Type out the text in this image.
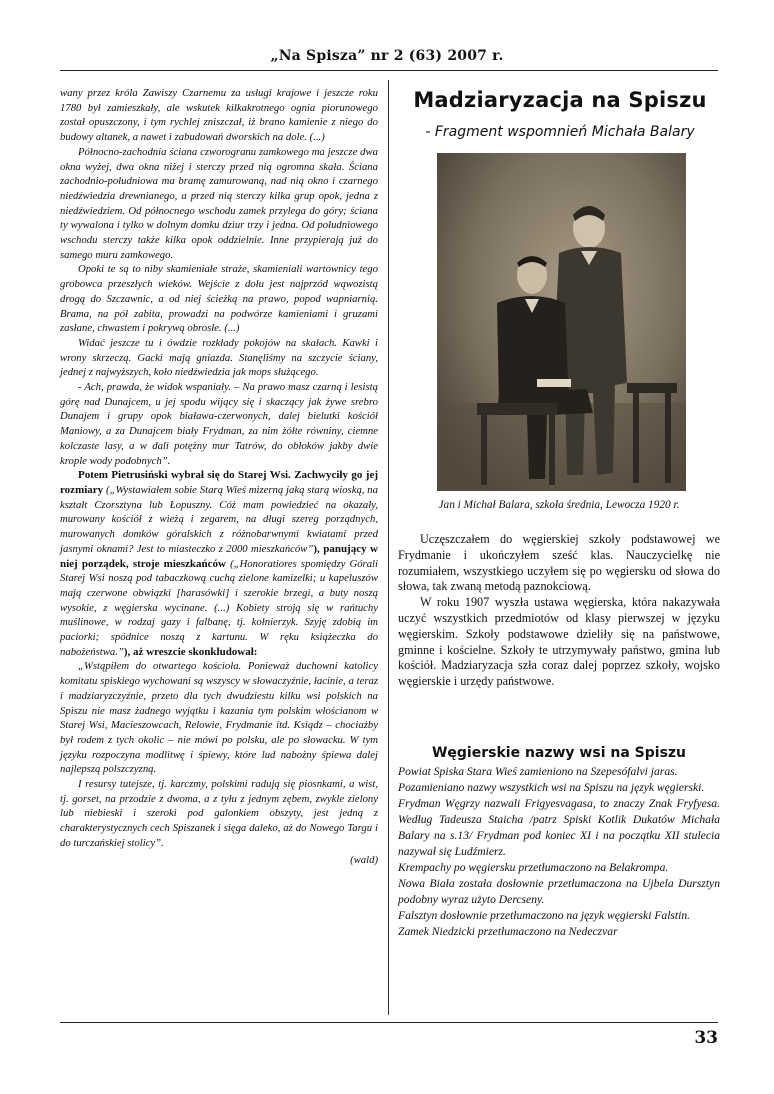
„Na Spisza” nr 2 (63) 2007 r.

wany przez króla Zawiszy Czarnemu za usługi krajowe i jeszcze roku 1780 był zamieszkały, ale wskutek kilkakrotnego ognia piorunowego został opuszczony, i tym rychlej zniszczał, iż brano kamienie z niego do budowy altanek, a nawet i zabudowań dworskich na dole. (...)

Północno-zachodnia ściana czworogranu zamkowego ma jeszcze dwa okna wyżej, dwa okna niżej i sterczy przed nią ogromna skała. Ściana zachodnio-południowa ma bramę zamurowaną, nad nią okno i czarnego niedźwiedzia drewnianego, a przed nią sterczy kilka grup opok, jedna z niedźwiedziem. Od północnego wschodu zamek przylega do góry; ściana ty wywalona i tylko w dolnym domku dziur trzy i jedna. Od południowego wschodu sterczy także kilka opok oddzielnie. Inne przypierają już do samego muru zamkowego.

Opoki te są to niby skamieniałe straże, skamieniali wartownicy tego grobowca przeszłych wieków. Wejście z dołu jest najprzód wąwozistą drogą do Szczawnic, a od niej ścieżką na prawo, popod wapniarnią. Brama, na pół zabita, prowadzi na podwórze kamieniami i gruzami zasłane, chwastem i pokrywą obrosłe. (...)

Widać jeszcze tu i ówdzie rozkłady pokojów na skałach. Kawki i wrony skrzeczą. Gacki mają gniazda. Stanęliśmy na szczycie ściany, jednej z najwyższych, koło niedźwiedzia jak mops służącego.

- Ach, prawda, że widok wspaniały. – Na prawo masz czarną i lesistą górę nad Dunajcem, u jej spodu wijący się i skaczący jak żywe srebro Dunajem i grupy opok biaława-czerwonych, dalej bielutki kościół Maniowy, a za Dunajcem biały Frydman, za nim żółte równiny, ciemne kolczaste lasy, a w dali potężny mur Tatrów, do obłoków jakby dwie krople wody podobnych”.

Potem Pietrusiński wybrał się do Starej Wsi. Zachwyciły go jej rozmiary („Wystawiałem sobie Starą Wieś mizerną jaką starą wioską, na kształt Czorsztyna lub Łopuszny. Cóż mam powiedzieć na okazały, murowany kościół z wieżą i zegarem, na długi szereg porządnych, murowanych domków góralskich z różnobarwnymi kwiatami przed jasnymi oknami? Jest to miasteczko z 2000 mieszkańców”), panujący w niej porządek, stroje mieszkańców („Honoratiores spomiędzy Górali Starej Wsi noszą pod tabaczkową cuchą zielone kamizelki; u kapeluszów mają czerwone obwiązki [harasówki] i szerokie brzegi, a buty noszą wysokie, z węgierska wycinane. (...) Kobiety stroją się w rańtuchy muślinowe, w rodzaj gazy i falbanę, tj. kołnierzyk. Szyję zdobią im paciorki; spódnice noszą z kartunu. W ręku książeczka do nabożeństwa.”), aż wreszcie skonkludował:

„Wstąpiłem do otwartego kościoła. Ponieważ duchowni katolicy komitatu spiskiego wychowani są wszyscy w słowaczyźnie, łacinie, a teraz i madziaryzczyźnie, przeto dla tych dwudziestu kilku wsi polskich na Spiszu nie masz żadnego wyjątku i kazania tym polskim włościanom w Starej Wsi, Macieszowcach, Relowie, Frydmanie itd. Ksiądz – chociażby był rodem z tych okolic – nie mówi po polsku, ale po słowacku. W tym języku rozpoczyna modlitwę i śpiewy, które lud nabożny śpiewa dalej najlepszą polszczyzną.

I resursy tutejsze, tj. karczmy, polskimi radują się piosnkami, a wist, tj. gorset, na przodzie z dwoma, a z tyłu z jednym zębem, zwykle zielony lub niebieski i szeroki pod galonkiem obszyty, jest jedną z charakterystycznych cech Spiszanek i sięga daleko, aż do Nowego Targu i do turczańskiej stolicy”.

(wald)

Madziaryzacja na Spiszu
- Fragment wspomnień Michała Balary
Jan i Michał Balara, szkoła średnia, Lewocza 1920 r.

Uczęszczałem do węgierskiej szkoły podstawowej we Frydmanie i ukończyłem sześć klas. Nauczycielkę nie rozumiałem, wszystkiego uczyłem się po węgiersku od słowa do słowa, tak zwaną metodą paznokciową.

W roku 1907 wyszła ustawa węgierska, która nakazywała uczyć wszystkich przedmiotów od klasy pierwszej w języku węgierskim. Szkoły podstawowe dzieliły się na państwowe, gminne i kościelne. Szkoły te utrzymywały państwo, gmina lub kościół. Madziaryzacja szła coraz dalej poprzez szkoły, wojsko węgierskie i urzędy państwowe.

Węgierskie nazwy wsi na Spiszu

Powiat Spiska Stara Wieś zamieniono na Szepesófalvi jaras.

Pozamieniano nazwy wszystkich wsi na Spiszu na język węgierski.

Frydman Węgrzy nazwali Frigyesvagasa, to znaczy Znak Fryfyesa. Według Tadeusza Staicha /patrz Spiski Kotlik Dukatów Michała Balary na s.13/ Frydman pod koniec XI i na początku XII stulecia nazywał się Ludźmierz.

Krempachy po węgiersku przetłumaczono na Belakrompa.

Nowa Biała została dosłownie przetłumaczona na Ujbela Dursztyn podobny wyraz użyto Dercseny.

Falsztyn dosłownie przetłumaczono na język węgierski Falstin.

Zamek Niedzicki przetłumaczono na Nedeczvar

33
